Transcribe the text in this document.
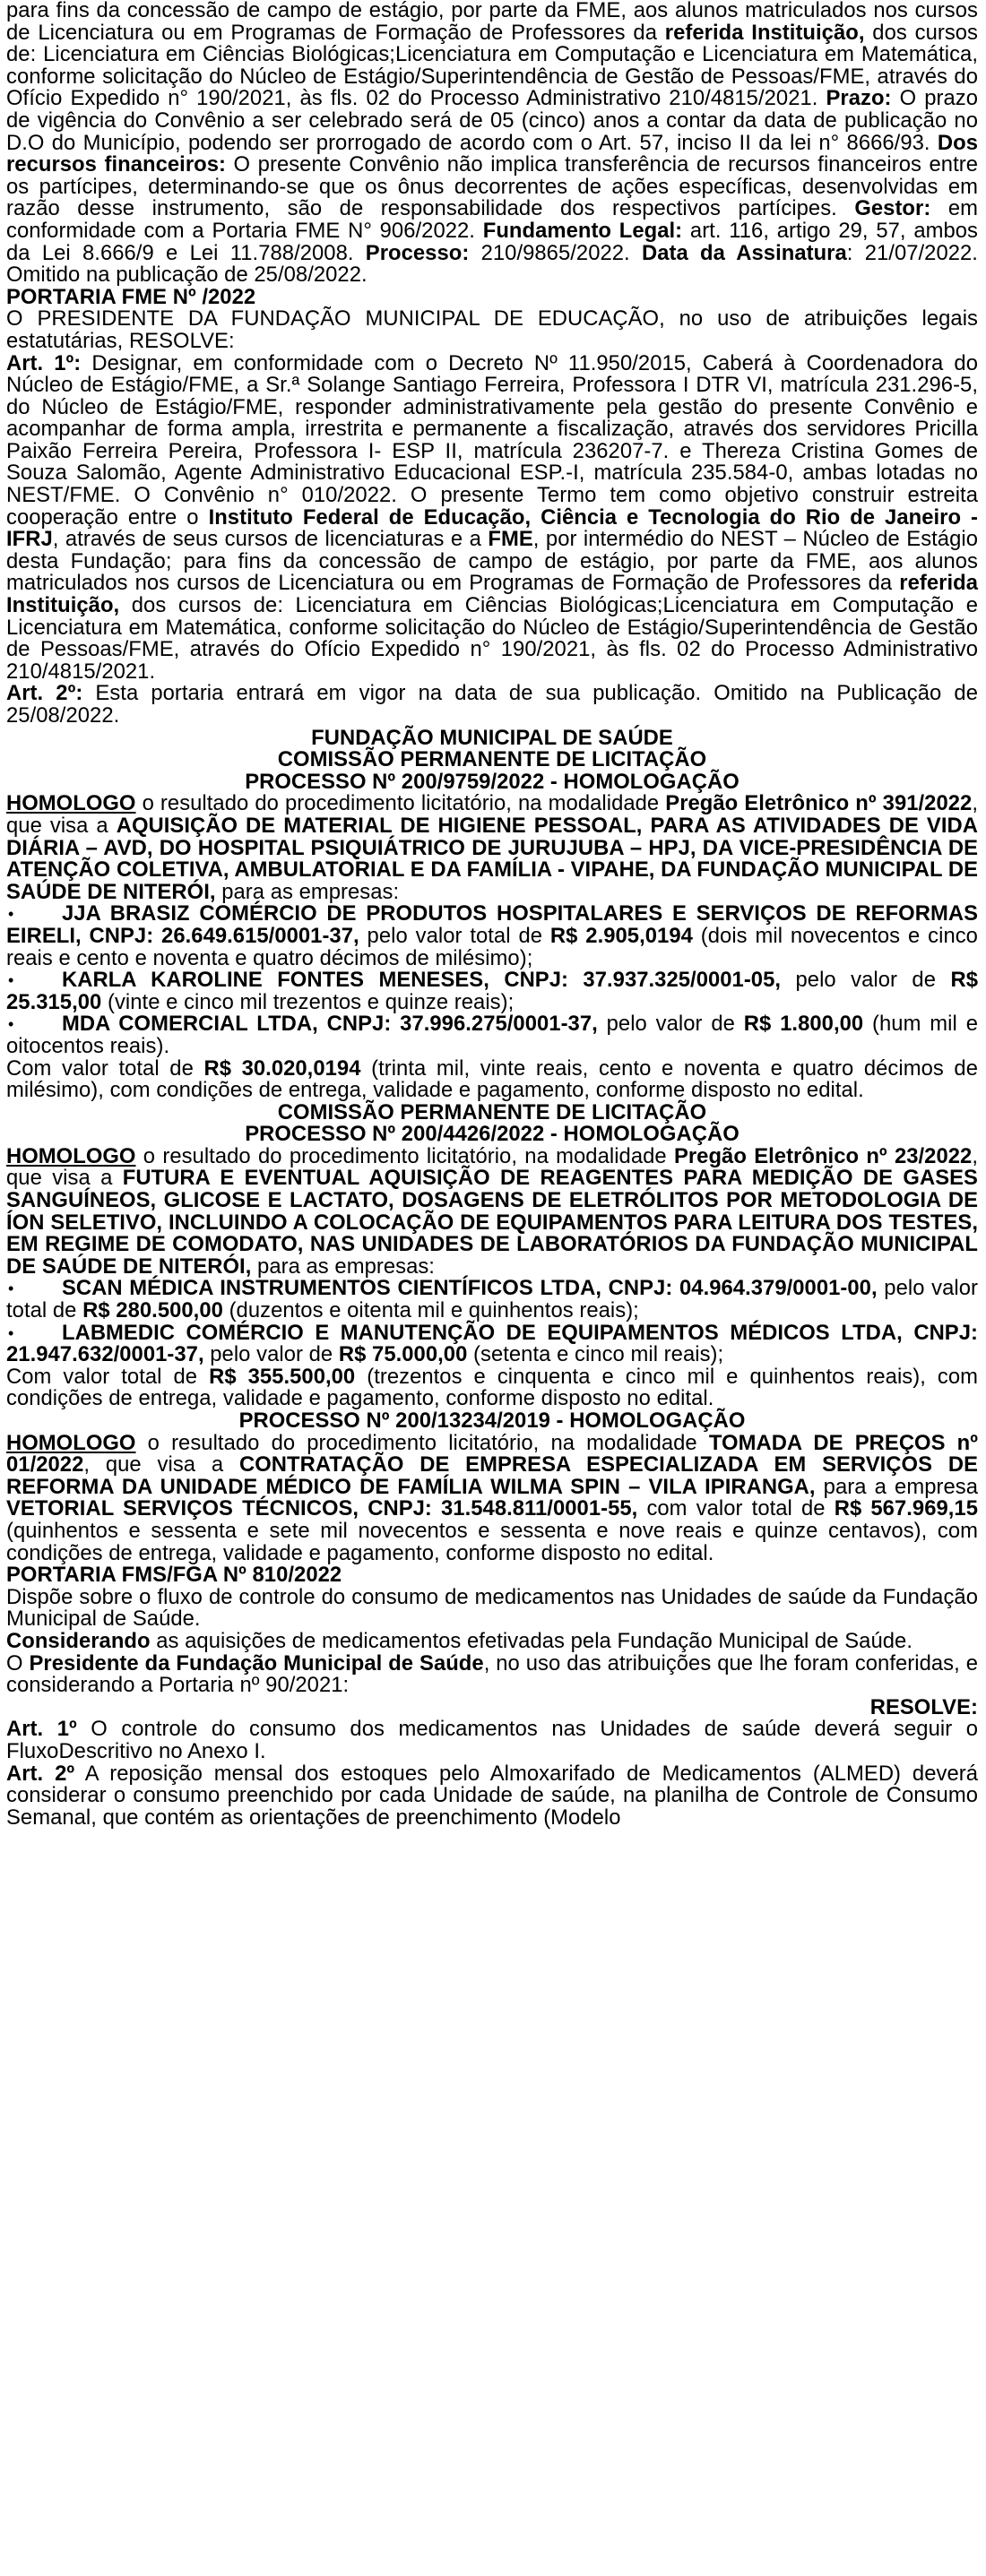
para fins da concessão de campo de estágio, por parte da FME, aos alunos matriculados nos cursos de Licenciatura ou em Programas de Formação de Professores da referida Instituição, dos cursos de: Licenciatura em Ciências Biológicas;Licenciatura em Computação e Licenciatura em Matemática, conforme solicitação do Núcleo de Estágio/Superintendência de Gestão de Pessoas/FME, através do Ofício Expedido n° 190/2021, às fls. 02 do Processo Administrativo 210/4815/2021. Prazo: O prazo de vigência do Convênio a ser celebrado será de 05 (cinco) anos a contar da data de publicação no D.O do Município, podendo ser prorrogado de acordo com o Art. 57, inciso II da lei n° 8666/93. Dos recursos financeiros: O presente Convênio não implica transferência de recursos financeiros entre os partícipes, determinando-se que os ônus decorrentes de ações específicas, desenvolvidas em razão desse instrumento, são de responsabilidade dos respectivos partícipes. Gestor: em conformidade com a Portaria FME N° 906/2022. Fundamento Legal: art. 116, artigo 29, 57, ambos da Lei 8.666/9 e Lei 11.788/2008. Processo: 210/9865/2022. Data da Assinatura: 21/07/2022. Omitido na publicação de 25/08/2022.

PORTARIA FME Nº /2022

O PRESIDENTE DA FUNDAÇÃO MUNICIPAL DE EDUCAÇÃO, no uso de atribuições legais estatutárias, RESOLVE:

Art. 1º: Designar, em conformidade com o Decreto Nº 11.950/2015, Caberá à Coordenadora do Núcleo de Estágio/FME, a Sr.ª Solange Santiago Ferreira, Professora I DTR VI, matrícula 231.296-5, do Núcleo de Estágio/FME, responder administrativamente pela gestão do presente Convênio e acompanhar de forma ampla, irrestrita e permanente a fiscalização, através dos servidores Pricilla Paixão Ferreira Pereira, Professora I- ESP II, matrícula 236207-7. e Thereza Cristina Gomes de Souza Salomão, Agente Administrativo Educacional ESP.-I, matrícula 235.584-0, ambas lotadas no NEST/FME. O Convênio n° 010/2022. O presente Termo tem como objetivo construir estreita cooperação entre o Instituto Federal de Educação, Ciência e Tecnologia do Rio de Janeiro - IFRJ, através de seus cursos de licenciaturas e a FME, por intermédio do NEST – Núcleo de Estágio desta Fundação; para fins da concessão de campo de estágio, por parte da FME, aos alunos matriculados nos cursos de Licenciatura ou em Programas de Formação de Professores da referida Instituição, dos cursos de: Licenciatura em Ciências Biológicas;Licenciatura em Computação e Licenciatura em Matemática, conforme solicitação do Núcleo de Estágio/Superintendência de Gestão de Pessoas/FME, através do Ofício Expedido n° 190/2021, às fls. 02 do Processo Administrativo 210/4815/2021.

Art. 2º: Esta portaria entrará em vigor na data de sua publicação. Omitido na Publicação de 25/08/2022.

FUNDAÇÃO MUNICIPAL DE SAÚDE

COMISSÃO PERMANENTE DE LICITAÇÃO

PROCESSO Nº 200/9759/2022 - HOMOLOGAÇÃO

HOMOLOGO o resultado do procedimento licitatório, na modalidade Pregão Eletrônico nº 391/2022, que visa a AQUISIÇÃO DE MATERIAL DE HIGIENE PESSOAL, PARA AS ATIVIDADES DE VIDA DIÁRIA – AVD, DO HOSPITAL PSIQUIÁTRICO DE JURUJUBA – HPJ, DA VICE-PRESIDÊNCIA DE ATENÇÃO COLETIVA, AMBULATORIAL E DA FAMÍLIA - VIPAHE, DA FUNDAÇÃO MUNICIPAL DE SAÚDE DE NITERÓI, para as empresas:

• JJA BRASIZ COMÉRCIO DE PRODUTOS HOSPITALARES E SERVIÇOS DE REFORMAS EIRELI, CNPJ: 26.649.615/0001-37, pelo valor total de R$ 2.905,0194 (dois mil novecentos e cinco reais e cento e noventa e quatro décimos de milésimo);

• KARLA KAROLINE FONTES MENESES, CNPJ: 37.937.325/0001-05, pelo valor de R$ 25.315,00 (vinte e cinco mil trezentos e quinze reais);

• MDA COMERCIAL LTDA, CNPJ: 37.996.275/0001-37, pelo valor de R$ 1.800,00 (hum mil e oitocentos reais).

Com valor total de R$ 30.020,0194 (trinta mil, vinte reais, cento e noventa e quatro décimos de milésimo), com condições de entrega, validade e pagamento, conforme disposto no edital.

COMISSÃO PERMANENTE DE LICITAÇÃO

PROCESSO Nº 200/4426/2022 - HOMOLOGAÇÃO

HOMOLOGO o resultado do procedimento licitatório, na modalidade Pregão Eletrônico nº 23/2022, que visa a FUTURA E EVENTUAL AQUISIÇÃO DE REAGENTES PARA MEDIÇÃO DE GASES SANGUÍNEOS, GLICOSE E LACTATO, DOSAGENS DE ELETRÓLITOS POR METODOLOGIA DE ÍON SELETIVO, INCLUINDO A COLOCAÇÃO DE EQUIPAMENTOS PARA LEITURA DOS TESTES, EM REGIME DE COMODATO, NAS UNIDADES DE LABORATÓRIOS DA FUNDAÇÃO MUNICIPAL DE SAÚDE DE NITERÓI, para as empresas:

• SCAN MÉDICA INSTRUMENTOS CIENTÍFICOS LTDA, CNPJ: 04.964.379/0001-00, pelo valor total de R$ 280.500,00 (duzentos e oitenta mil e quinhentos reais);

• LABMEDIC COMÉRCIO E MANUTENÇÃO DE EQUIPAMENTOS MÉDICOS LTDA, CNPJ: 21.947.632/0001-37, pelo valor de R$ 75.000,00 (setenta e cinco mil reais);

Com valor total de R$ 355.500,00 (trezentos e cinquenta e cinco mil e quinhentos reais), com condições de entrega, validade e pagamento, conforme disposto no edital.

PROCESSO Nº 200/13234/2019 - HOMOLOGAÇÃO

HOMOLOGO o resultado do procedimento licitatório, na modalidade TOMADA DE PREÇOS nº 01/2022, que visa a CONTRATAÇÃO DE EMPRESA ESPECIALIZADA EM SERVIÇOS DE REFORMA DA UNIDADE MÉDICO DE FAMÍLIA WILMA SPIN – VILA IPIRANGA, para a empresa VETORIAL SERVIÇOS TÉCNICOS, CNPJ: 31.548.811/0001-55, com valor total de R$ 567.969,15 (quinhentos e sessenta e sete mil novecentos e sessenta e nove reais e quinze centavos), com condições de entrega, validade e pagamento, conforme disposto no edital.

PORTARIA FMS/FGA Nº 810/2022

Dispõe sobre o fluxo de controle do consumo de medicamentos nas Unidades de saúde da Fundação Municipal de Saúde.

Considerando as aquisições de medicamentos efetivadas pela Fundação Municipal de Saúde.

O Presidente da Fundação Municipal de Saúde, no uso das atribuições que lhe foram conferidas, e considerando a Portaria nº 90/2021:

RESOLVE:

Art. 1º O controle do consumo dos medicamentos nas Unidades de saúde deverá seguir o FluxoDescritivo no Anexo I.

Art. 2º A reposição mensal dos estoques pelo Almoxarifado de Medicamentos (ALMED) deverá considerar o consumo preenchido por cada Unidade de saúde, na planilha de Controle de Consumo Semanal, que contém as orientações de preenchimento (Modelo
